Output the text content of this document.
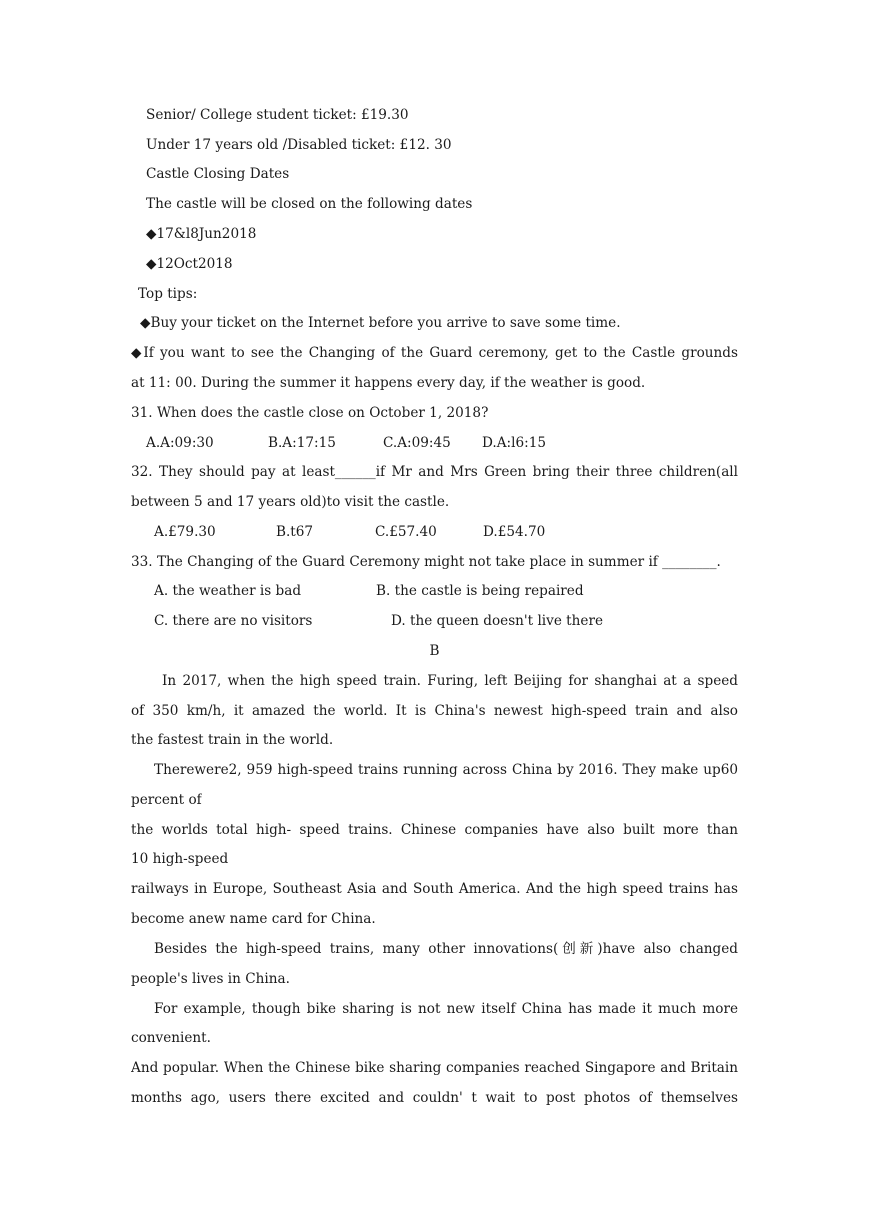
Senior/ College student ticket: £19.30
Under 17 years old /Disabled ticket: £12. 30
Castle Closing Dates
The castle will be closed on the following dates
◆17&l8Jun2018
◆12Oct2018
Top tips:
◆Buy your ticket on the Internet before you arrive to save some time.
◆If you want to see the Changing of the Guard ceremony, get to the Castle grounds
at 11: 00. During the summer it happens every day, if the weather is good.
31. When does the castle close on October 1, 2018?
A.A:09:30	B.A:17:15	C.A:09:45 D.A:l6:15
32. They should pay at least______if Mr and Mrs Green bring their three children(all
between 5 and 17 years old)to visit the castle.
A.£79.30	B.t67	C.£57.40	D.£54.70
33. The Changing of the Guard Ceremony might not take place in summer if ________.
A. the weather is bad	B. the castle is being repaired
C. there are no visitors	D. the queen doesn't live there
B
In 2017, when the high speed train. Furing, left Beijing for shanghai at a speed
of 350 km/h, it amazed the world. It is China's newest high-speed train and also
the fastest train in the world.
Therewere2, 959 high-speed trains running across China by 2016. They make up60
percent of
the worlds total high- speed trains. Chinese companies have also built more than
10 high-speed
railways in Europe, Southeast Asia and South America. And the high speed trains has
become anew name card for China.
Besides the high-speed trains, many other innovations(创新)have also changed
people's lives in China.
For example, though bike sharing is not new itself China has made it much more
convenient.
And popular. When the Chinese bike sharing companies reached Singapore and Britain
months ago, users there excited and couldn' t wait to post photos of themselves
